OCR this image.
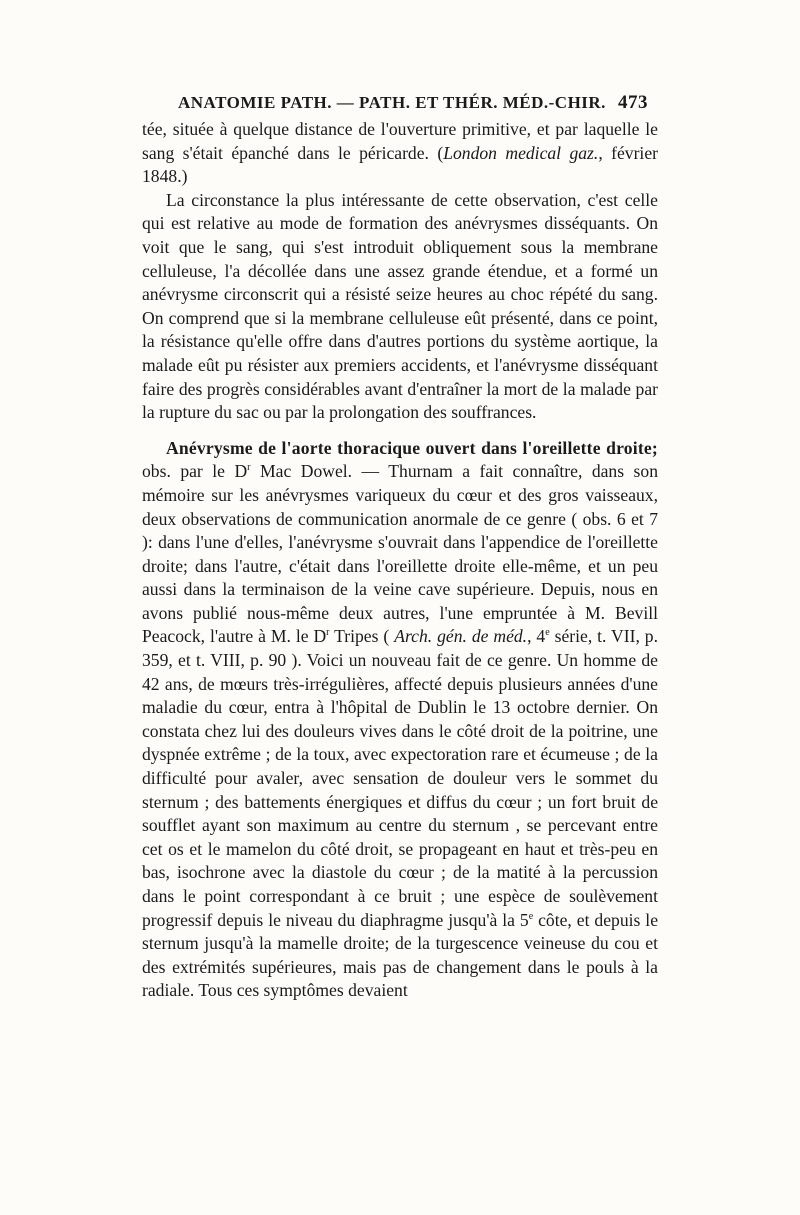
ANATOMIE PATH. — PATH. ET THÉR. MÉD.-CHIR. 473

tée, située à quelque distance de l'ouverture primitive, et par laquelle le sang s'était épanché dans le péricarde. (London medical gaz., février 1848.)

La circonstance la plus intéressante de cette observation, c'est celle qui est relative au mode de formation des anévrysmes disséquants. On voit que le sang, qui s'est introduit obliquement sous la membrane celluleuse, l'a décollée dans une assez grande étendue, et a formé un anévrysme circonscrit qui a résisté seize heures au choc répété du sang. On comprend que si la membrane celluleuse eût présenté, dans ce point, la résistance qu'elle offre dans d'autres portions du système aortique, la malade eût pu résister aux premiers accidents, et l'anévrysme disséquant faire des progrès considérables avant d'entraîner la mort de la malade par la rupture du sac ou par la prolongation des souffrances.

Anévrysme de l'aorte thoracique ouvert dans l'oreillette droite; obs. par le $D^r$ Mac Dowel. — Thurnam a fait connaître, dans son mémoire sur les anévrysmes variqueux du cœur et des gros vaisseaux, deux observations de communication anormale de ce genre ( obs. 6 et 7 ): dans l'une d'elles, l'anévrysme s'ouvrait dans l'appendice de l'oreillette droite; dans l'autre, c'était dans l'oreillette droite elle-même, et un peu aussi dans la terminaison de la veine cave supérieure. Depuis, nous en avons publié nous-même deux autres, l'une empruntée à M. Bevill Peacock, l'autre à M. le $D^r$ Tripes ( Arch. gén. de méd., 4e série, t. VII, p. 359, et t. VIII, p. 90 ). Voici un nouveau fait de ce genre. Un homme de 42 ans, de mœurs très-irrégulières, affecté depuis plusieurs années d'une maladie du cœur, entra à l'hôpital de Dublin le 13 octobre dernier. On constata chez lui des douleurs vives dans le côté droit de la poitrine, une dyspnée extrême ; de la toux, avec expectoration rare et écumeuse ; de la difficulté pour avaler, avec sensation de douleur vers le sommet du sternum ; des battements énergiques et diffus du cœur ; un fort bruit de soufflet ayant son maximum au centre du sternum , se percevant entre cet os et le mamelon du côté droit, se propageant en haut et très-peu en bas, isochrone avec la diastole du cœur ; de la matité à la percussion dans le point correspondant à ce bruit ; une espèce de soulèvement progressif depuis le niveau du diaphragme jusqu'à la 5e côte, et depuis le sternum jusqu'à la mamelle droite; de la turgescence veineuse du cou et des extrémités supérieures, mais pas de changement dans le pouls à la radiale. Tous ces symptômes devaient
